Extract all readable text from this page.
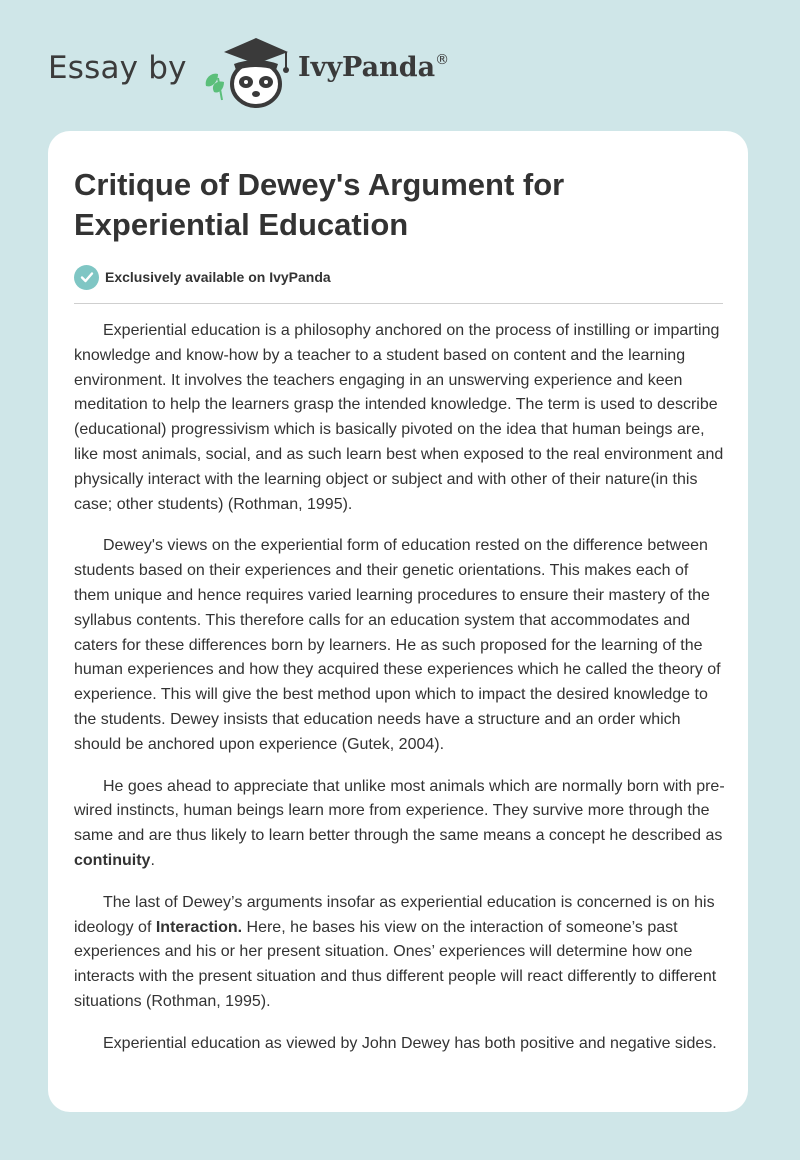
Essay by	IvyPanda®
Critique of Dewey's Argument for Experiential Education
Exclusively available on IvyPanda

Experiential education is a philosophy anchored on the process of instilling or imparting knowledge and know-how by a teacher to a student based on content and the learning environment. It involves the teachers engaging in an unswerving experience and keen meditation to help the learners grasp the intended knowledge. The term is used to describe (educational) progressivism which is basically pivoted on the idea that human beings are, like most animals, social, and as such learn best when exposed to the real environment and physically interact with the learning object or subject and with other of their nature(in this case; other students) (Rothman, 1995).

Dewey's views on the experiential form of education rested on the difference between students based on their experiences and their genetic orientations. This makes each of them unique and hence requires varied learning procedures to ensure their mastery of the syllabus contents. This therefore calls for an education system that accommodates and caters for these differences born by learners. He as such proposed for the learning of the human experiences and how they acquired these experiences which he called the theory of experience. This will give the best method upon which to impact the desired knowledge to the students. Dewey insists that education needs have a structure and an order which should be anchored upon experience (Gutek, 2004).

He goes ahead to appreciate that unlike most animals which are normally born with pre-wired instincts, human beings learn more from experience. They survive more through the same and are thus likely to learn better through the same means a concept he described as continuity.

The last of Dewey’s arguments insofar as experiential education is concerned is on his ideology of Interaction. Here, he bases his view on the interaction of someone’s past experiences and his or her present situation. Ones’ experiences will determine how one interacts with the present situation and thus different people will react differently to different situations (Rothman, 1995).

Experiential education as viewed by John Dewey has both positive and negative sides.
